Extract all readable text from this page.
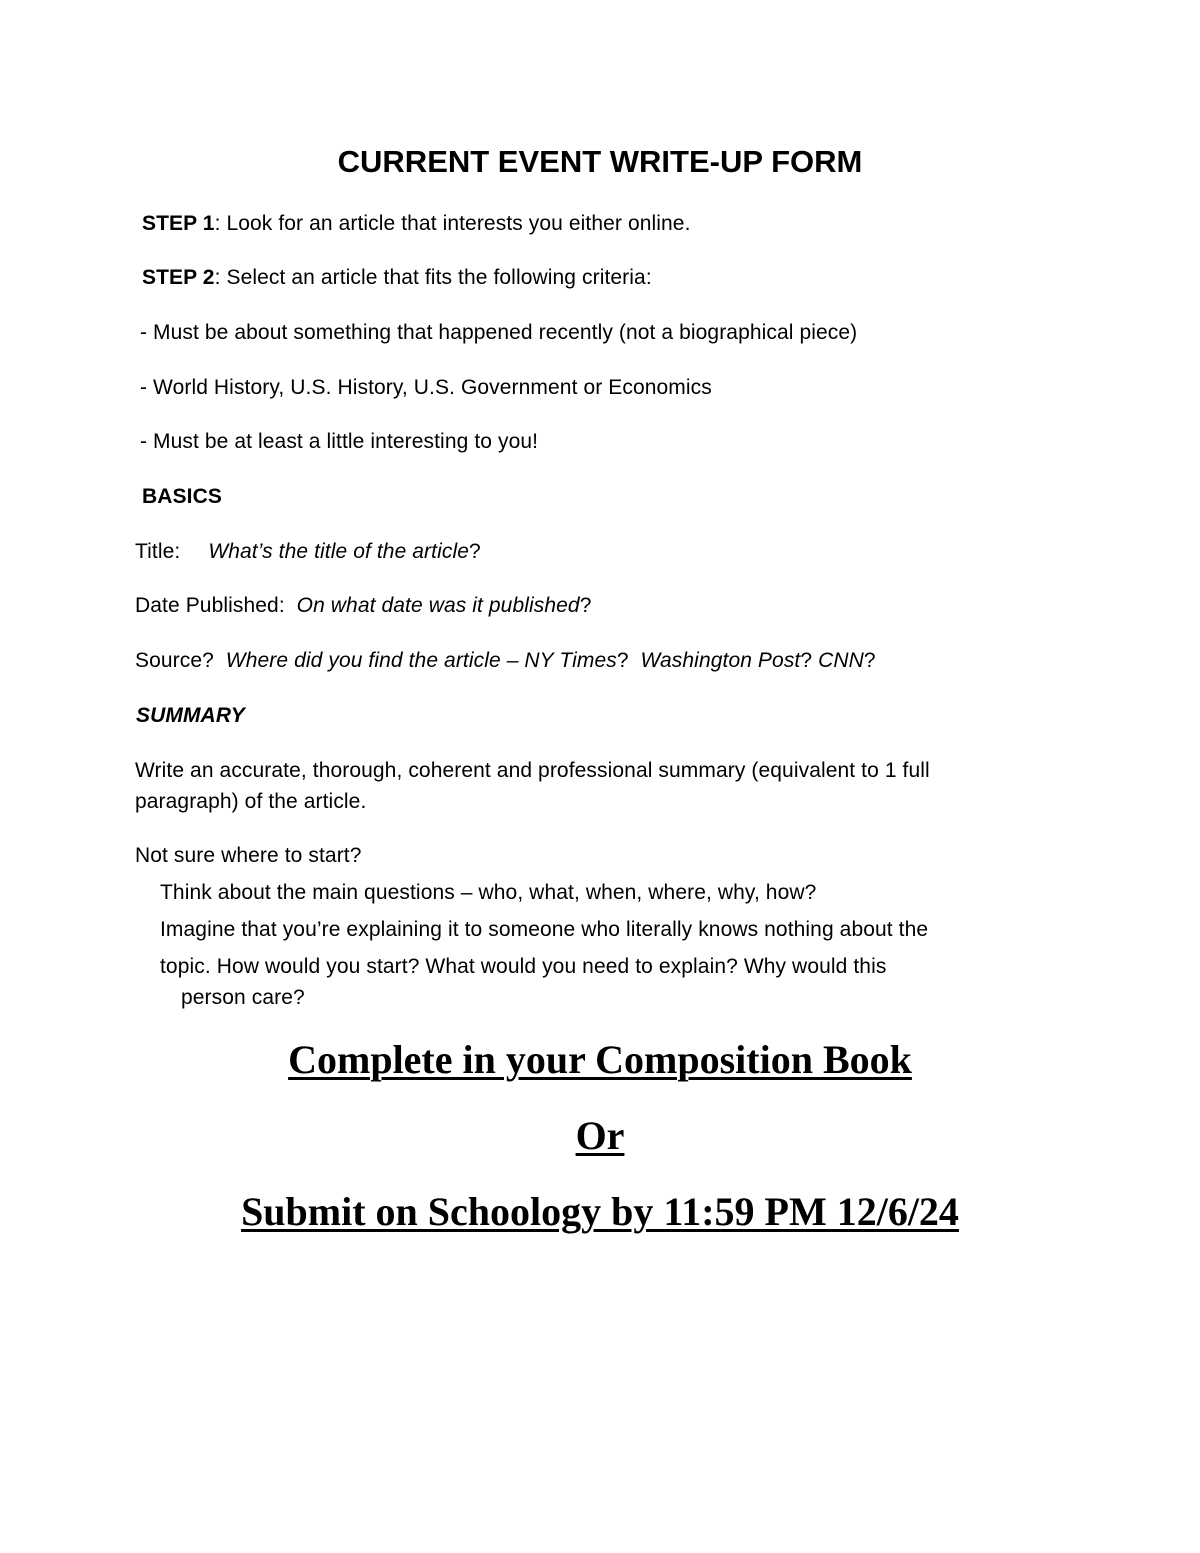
CURRENT EVENT WRITE-UP FORM
STEP 1: Look for an article that interests you either online.
STEP 2: Select an article that fits the following criteria:
- Must be about something that happened recently (not a biographical piece)
- World History, U.S. History, U.S. Government or Economics
- Must be at least a little interesting to you!
BASICS
Title: What’s the title of the article?
Date Published: On what date was it published?
Source? Where did you find the article – NY Times? Washington Post? CNN?
SUMMARY
Write an accurate, thorough, coherent and professional summary (equivalent to 1 full
paragraph) of the article.
Not sure where to start?
Think about the main questions – who, what, when, where, why, how?
Imagine that you’re explaining it to someone who literally knows nothing about the
topic. How would you start? What would you need to explain? Why would this
person care?
Complete in your Composition Book
Or
Submit on Schoology by 11:59 PM 12/6/24
